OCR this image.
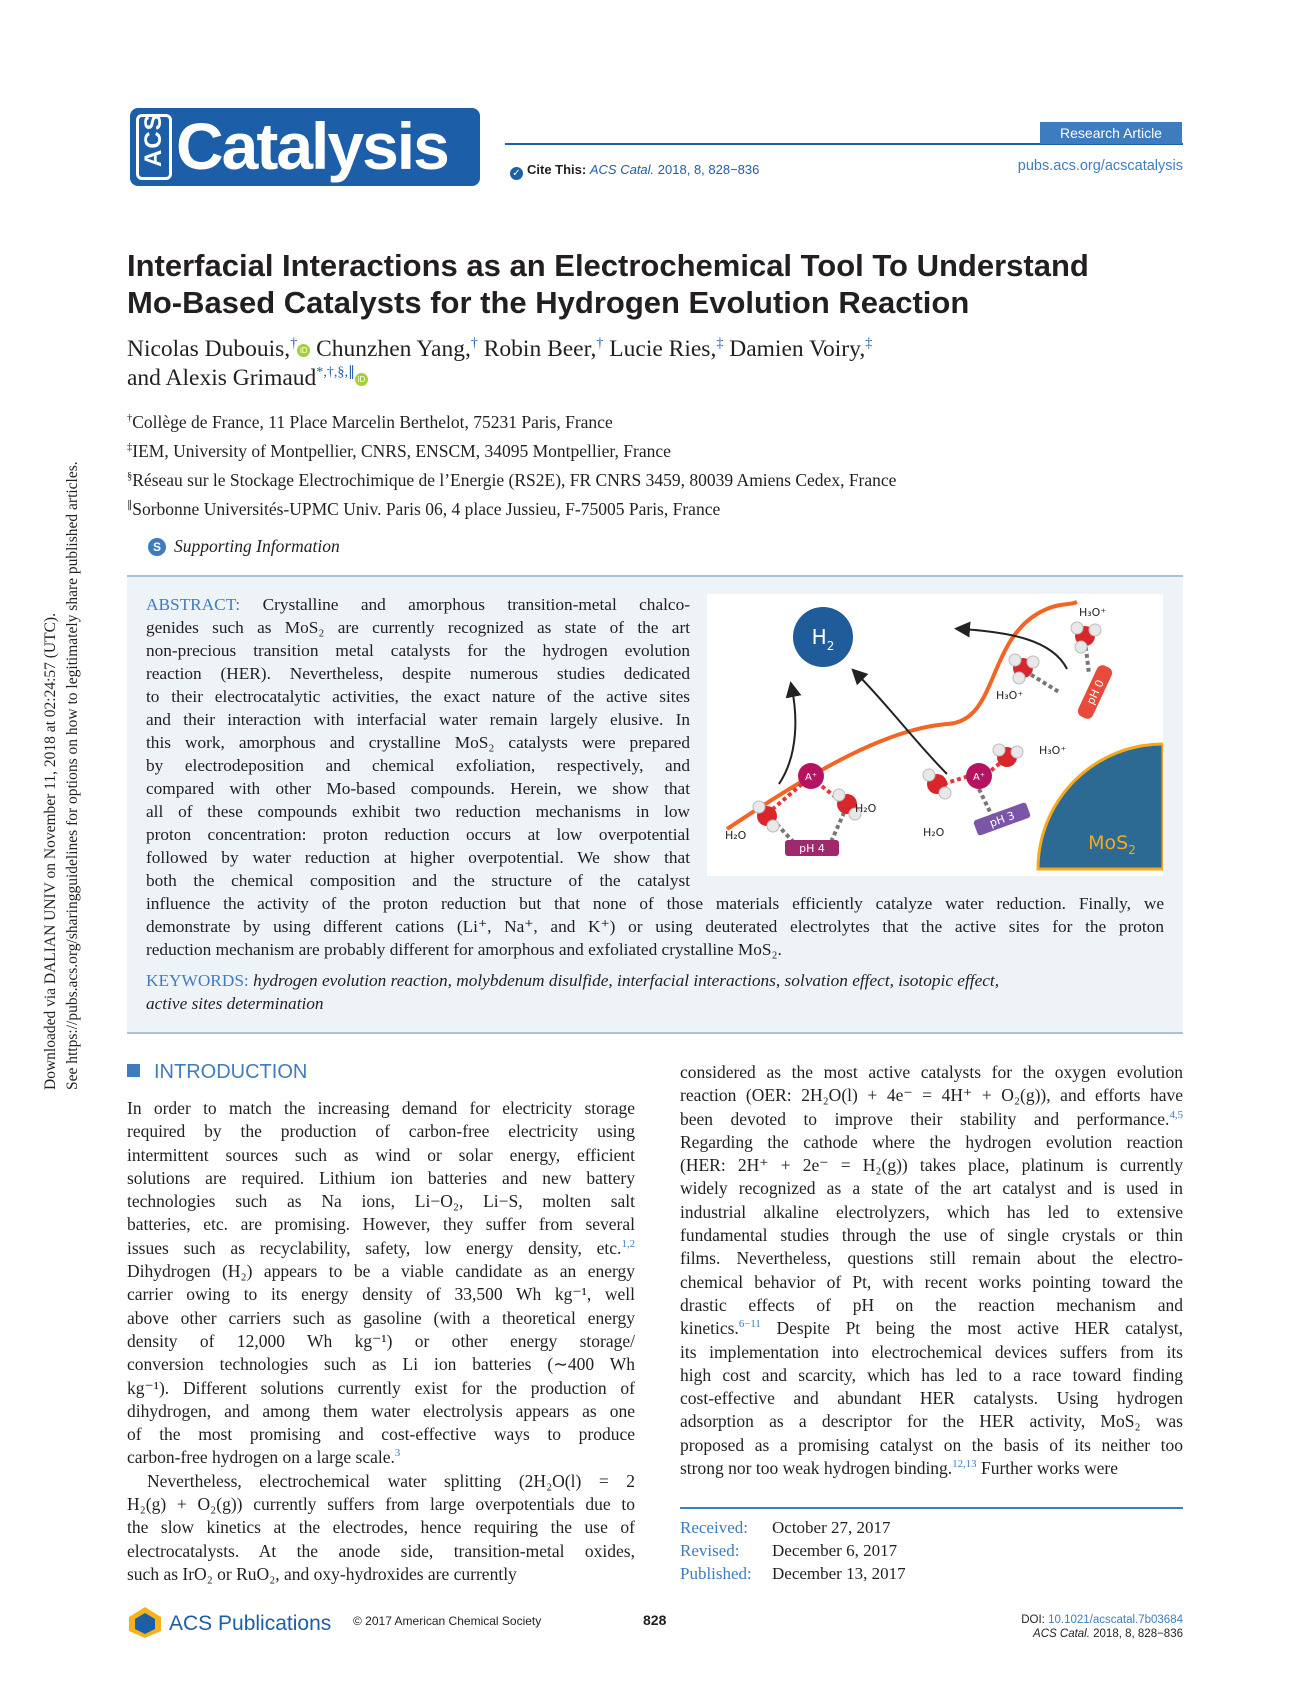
Downloaded via DALIAN UNIV on November 11, 2018 at 02:24:57 (UTC). See https://pubs.acs.org/sharingguidelines for options on how to legitimately share published articles.
ACS Catalysis	Research Article
✓ Cite This: ACS Catal. 2018, 8, 828−836	pubs.acs.org/acscatalysis
Interfacial Interactions as an Electrochemical Tool To Understand
Mo-Based Catalysts for the Hydrogen Evolution Reaction
Nicolas Dubouis,† iD Chunzhen Yang,† Robin Beer,† Lucie Ries,‡ Damien Voiry,‡
and Alexis Grimaud*,†,§,∥ iD
†Collège de France, 11 Place Marcelin Berthelot, 75231 Paris, France
‡IEM, University of Montpellier, CNRS, ENSCM, 34095 Montpellier, France
§Réseau sur le Stockage Electrochimique de l’Energie (RS2E), FR CNRS 3459, 80039 Amiens Cedex, France
∥Sorbonne Universités-UPMC Univ. Paris 06, 4 place Jussieu, F-75005 Paris, France
S Supporting Information
ABSTRACT: Crystalline and amorphous transition-metal chalco-
genides such as MoS₂ are currently recognized as state of the art
non-precious transition metal catalysts for the hydrogen evolution
reaction (HER). Nevertheless, despite numerous studies dedicated
to their electrocatalytic activities, the exact nature of the active sites
and their interaction with interfacial water remain largely elusive. In
this work, amorphous and crystalline MoS₂ catalysts were prepared
by electrodeposition and chemical exfoliation, respectively, and
compared with other Mo-based compounds. Herein, we show that
all of these compounds exhibit two reduction mechanisms in low
proton concentration: proton reduction occurs at low overpotential
followed by water reduction at higher overpotential. We show that
both the chemical composition and the structure of the catalyst
influence the activity of the proton reduction but that none of those materials efficiently catalyze water reduction. Finally, we
demonstrate by using different cations (Li⁺, Na⁺, and K⁺) or using deuterated electrolytes that the active sites for the proton
reduction mechanism are probably different for amorphous and exfoliated crystalline MoS₂.
KEYWORDS: hydrogen evolution reaction, molybdenum disulfide, interfacial interactions, solvation effect, isotopic effect,
active sites determination
MoS$_2$
$H_2$
A⁺
pH 4
H₂O
H₂O
A⁺
pH 3
H₂O
H₃O⁺
pH 0
H₃O⁺
H₃O⁺
INTRODUCTION
In order to match the increasing demand for electricity storage
required by the production of carbon-free electricity using
intermittent sources such as wind or solar energy, efficient
solutions are required. Lithium ion batteries and new battery
technologies such as Na ions, Li−O₂, Li−S, molten salt
batteries, etc. are promising. However, they suffer from several
issues such as recyclability, safety, low energy density, etc.$^{1,2}$
Dihydrogen (H₂) appears to be a viable candidate as an energy
carrier owing to its energy density of 33,500 Wh kg⁻¹, well
above other carriers such as gasoline (with a theoretical energy
density of 12,000 Wh kg⁻¹) or other energy storage/
conversion technologies such as Li ion batteries (∼400 Wh
kg⁻¹). Different solutions currently exist for the production of
dihydrogen, and among them water electrolysis appears as one
of the most promising and cost-effective ways to produce
carbon-free hydrogen on a large scale.$^3$
Nevertheless, electrochemical water splitting (2H₂O(l) = 2
H₂(g) + O₂(g)) currently suffers from large overpotentials due to
the slow kinetics at the electrodes, hence requiring the use of
electrocatalysts. At the anode side, transition-metal oxides,
such as IrO₂ or RuO₂, and oxy-hydroxides are currently
considered as the most active catalysts for the oxygen evolution
reaction (OER: 2H₂O(l) + 4e⁻ = 4H⁺ + O₂(g)), and efforts have
been devoted to improve their stability and performance.$^{4,5}$
Regarding the cathode where the hydrogen evolution reaction
(HER: 2H⁺ + 2e⁻ = H₂(g)) takes place, platinum is currently
widely recognized as a state of the art catalyst and is used in
industrial alkaline electrolyzers, which has led to extensive
fundamental studies through the use of single crystals or thin
films. Nevertheless, questions still remain about the electro-
chemical behavior of Pt, with recent works pointing toward the
drastic effects of pH on the reaction mechanism and
kinetics.$^{6-11}$ Despite Pt being the most active HER catalyst,
its implementation into electrochemical devices suffers from its
high cost and scarcity, which has led to a race toward finding
cost-effective and abundant HER catalysts. Using hydrogen
adsorption as a descriptor for the HER activity, MoS₂ was
proposed as a promising catalyst on the basis of its neither too
strong nor too weak hydrogen binding.$^{12,13}$ Further works were
Received: October 27, 2017
Revised: December 6, 2017
Published: December 13, 2017
ACS Publications © 2017 American Chemical Society	828	DOI: 10.1021/acscatal.7b03684
ACS Catal. 2018, 8, 828−836
